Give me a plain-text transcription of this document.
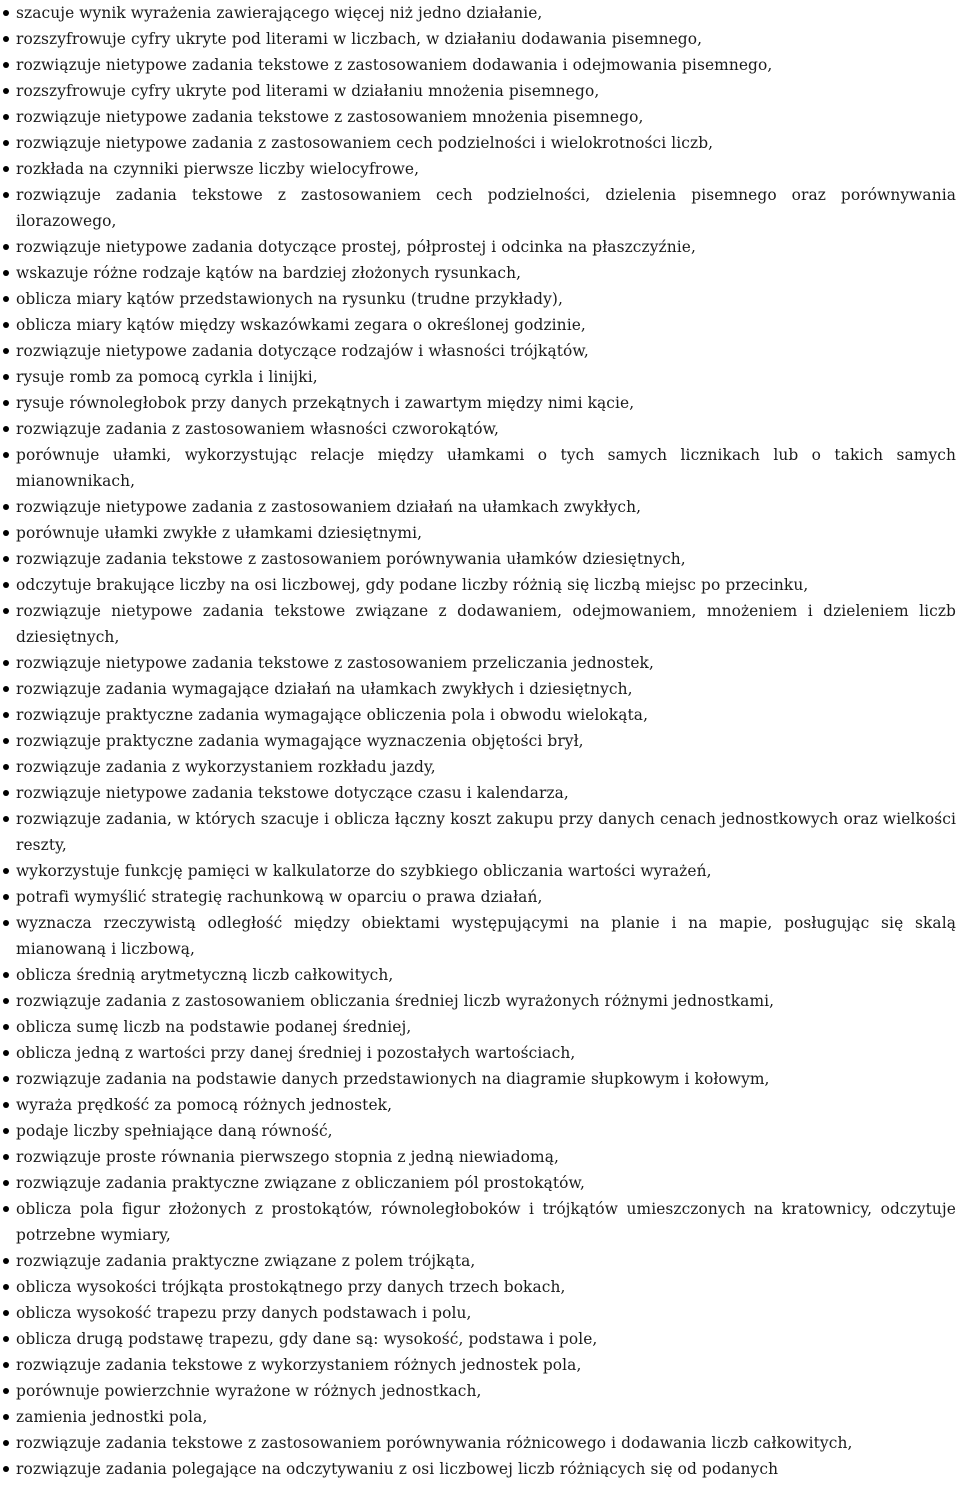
szacuje wynik wyrażenia zawierającego więcej niż jedno działanie,
rozszyfrowuje cyfry ukryte pod literami w liczbach, w działaniu dodawania pisemnego,
rozwiązuje nietypowe zadania tekstowe z zastosowaniem dodawania i odejmowania pisemnego,
rozszyfrowuje cyfry ukryte pod literami w działaniu mnożenia pisemnego,
rozwiązuje nietypowe zadania tekstowe z zastosowaniem mnożenia pisemnego,
rozwiązuje nietypowe zadania z zastosowaniem cech podzielności i wielokrotności liczb,
rozkłada na czynniki pierwsze liczby wielocyfrowe,
rozwiązuje zadania tekstowe z zastosowaniem cech podzielności, dzielenia pisemnego oraz porównywania ilorazowego,
rozwiązuje nietypowe zadania dotyczące prostej, półprostej i odcinka na płaszczyźnie,
wskazuje różne rodzaje kątów na bardziej złożonych rysunkach,
oblicza miary kątów przedstawionych na rysunku (trudne przykłady),
oblicza miary kątów między wskazówkami zegara o określonej godzinie,
rozwiązuje nietypowe zadania dotyczące rodzajów i własności trójkątów,
rysuje romb za pomocą cyrkla i linijki,
rysuje równoległobok przy danych przekątnych i zawartym między nimi kącie,
rozwiązuje zadania z zastosowaniem własności czworokątów,
porównuje ułamki, wykorzystując relacje między ułamkami o tych samych licznikach lub o takich samych mianownikach,
rozwiązuje nietypowe zadania z zastosowaniem działań na ułamkach zwykłych,
porównuje ułamki zwykłe z ułamkami dziesiętnymi,
rozwiązuje zadania tekstowe z zastosowaniem porównywania ułamków dziesiętnych,
odczytuje brakujące liczby na osi liczbowej, gdy podane liczby różnią się liczbą miejsc po przecinku,
rozwiązuje nietypowe zadania tekstowe związane z dodawaniem, odejmowaniem, mnożeniem i dzieleniem liczb dziesiętnych,
rozwiązuje nietypowe zadania tekstowe z zastosowaniem przeliczania jednostek,
rozwiązuje zadania wymagające działań na ułamkach zwykłych i dziesiętnych,
rozwiązuje praktyczne zadania wymagające obliczenia pola i obwodu wielokąta,
rozwiązuje praktyczne zadania wymagające wyznaczenia objętości brył,
rozwiązuje zadania z wykorzystaniem rozkładu jazdy,
rozwiązuje nietypowe zadania tekstowe dotyczące czasu i kalendarza,
rozwiązuje zadania, w których szacuje i oblicza łączny koszt zakupu przy danych cenach jednostkowych oraz wielkości reszty,
wykorzystuje funkcję pamięci w kalkulatorze do szybkiego obliczania wartości wyrażeń,
potrafi wymyślić strategię rachunkową w oparciu o prawa działań,
wyznacza rzeczywistą odległość między obiektami występującymi na planie i na mapie, posługując się skalą mianowaną i liczbową,
oblicza średnią arytmetyczną liczb całkowitych,
rozwiązuje zadania z zastosowaniem obliczania średniej liczb wyrażonych różnymi jednostkami,
oblicza sumę liczb na podstawie podanej średniej,
oblicza jedną z wartości przy danej średniej i pozostałych wartościach,
rozwiązuje zadania na podstawie danych przedstawionych na diagramie słupkowym i kołowym,
wyraża prędkość za pomocą różnych jednostek,
podaje liczby spełniające daną równość,
rozwiązuje proste równania pierwszego stopnia z jedną niewiadomą,
rozwiązuje zadania praktyczne związane z obliczaniem pól prostokątów,
oblicza pola figur złożonych z prostokątów, równoległoboków i trójkątów umieszczonych na kratownicy, odczytuje potrzebne wymiary,
rozwiązuje zadania praktyczne związane z polem trójkąta,
oblicza wysokości trójkąta prostokątnego przy danych trzech bokach,
oblicza wysokość trapezu przy danych podstawach i polu,
oblicza drugą podstawę trapezu, gdy dane są: wysokość, podstawa i pole,
rozwiązuje zadania tekstowe z wykorzystaniem różnych jednostek pola,
porównuje powierzchnie wyrażone w różnych jednostkach,
zamienia jednostki pola,
rozwiązuje zadania tekstowe z zastosowaniem porównywania różnicowego i dodawania liczb całkowitych,
rozwiązuje zadania polegające na odczytywaniu z osi liczbowej liczb różniących się od podanych
